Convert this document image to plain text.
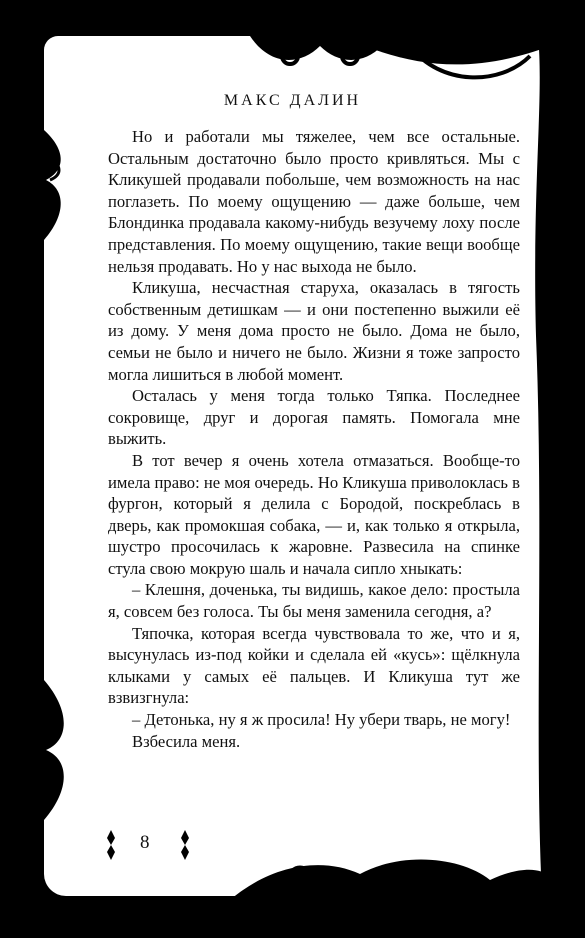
МАКС ДАЛИН

Но и работали мы тяжелее, чем все остальные. Остальным достаточно было просто кривляться. Мы с Кликушей продавали побольше, чем возможность на нас поглазеть. По моему ощущению — даже больше, чем Блондинка продавала какому-нибудь везучему лоху после представления. По моему ощущению, такие вещи вообще нельзя продавать. Но у нас выхода не было.

Кликуша, несчастная старуха, оказалась в тягость собственным детишкам — и они постепенно выжили её из дому. У меня дома просто не было. Дома не было, семьи не было и ничего не было. Жизни я тоже запросто могла лишиться в любой момент.

Осталась у меня тогда только Тяпка. Последнее сокровище, друг и дорогая память. Помогала мне выжить.

В тот вечер я очень хотела отмазаться. Вообще-то имела право: не моя очередь. Но Кликуша приволоклась в фургон, который я делила с Бородой, поскреблась в дверь, как промокшая собака, — и, как только я открыла, шустро просочилась к жаровне. Развесила на спинке стула свою мокрую шаль и начала сипло хныкать:

– Клешня, доченька, ты видишь, какое дело: простыла я, совсем без голоса. Ты бы меня заменила сегодня, а?

Тяпочка, которая всегда чувствовала то же, что и я, высунулась из-под койки и сделала ей «кусь»: щёлкнула клыками у самых её пальцев. И Кликуша тут же взвизгнула:

– Детонька, ну я ж просила! Ну убери тварь, не могу!

Взбесила меня.

8
